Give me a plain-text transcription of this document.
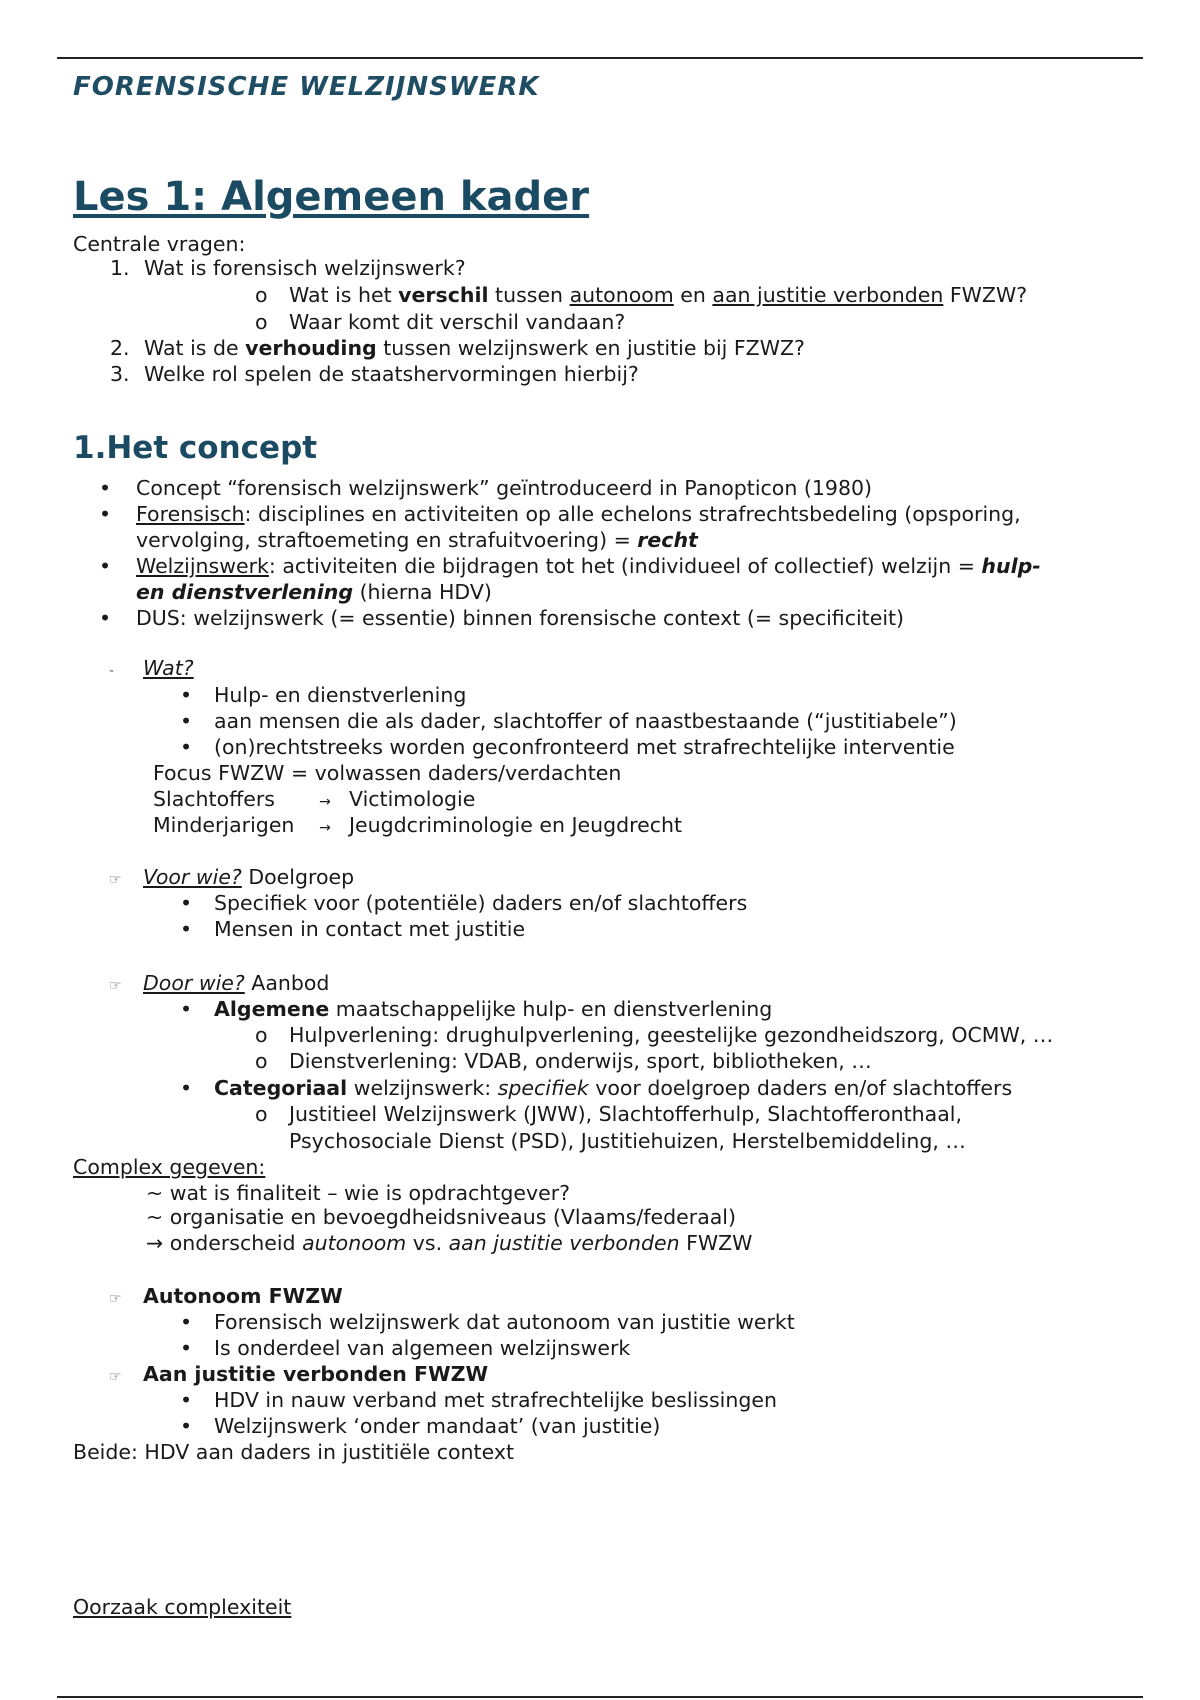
FORENSISCHE WELZIJNSWERK
Les 1: Algemeen kader
Centrale vragen:
1. Wat is forensisch welzijnswerk?
o Wat is het verschil tussen autonoom en aan justitie verbonden FWZW?
o Waar komt dit verschil vandaan?
2. Wat is de verhouding tussen welzijnswerk en justitie bij FZWZ?
3. Welke rol spelen de staatshervormingen hierbij?
1.Het concept
• Concept “forensisch welzijnswerk” geïntroduceerd in Panopticon (1980)
• Forensisch: disciplines en activiteiten op alle echelons strafrechtsbedeling (opsporing,
vervolging, straftoemeting en strafuitvoering) = recht
• Welzijnswerk: activiteiten die bijdragen tot het (individueel of collectief) welzijn = hulp-
en dienstverlening (hierna HDV)
• DUS: welzijnswerk (= essentie) binnen forensische context (= specificiteit)
- Wat?
• Hulp- en dienstverlening
• aan mensen die als dader, slachtoffer of naastbestaande (“justitiabele”)
• (on)rechtstreeks worden geconfronteerd met strafrechtelijke interventie
Focus FWZW = volwassen daders/verdachten
Slachtoffers	→ Victimologie
Minderjarigen → Jeugdcriminologie en Jeugdrecht
☞ Voor wie? Doelgroep
• Specifiek voor (potentiële) daders en/of slachtoffers
• Mensen in contact met justitie
☞ Door wie? Aanbod
• Algemene maatschappelijke hulp- en dienstverlening
o Hulpverlening: drughulpverlening, geestelijke gezondheidszorg, OCMW, …
o Dienstverlening: VDAB, onderwijs, sport, bibliotheken, …
• Categoriaal welzijnswerk: specifiek voor doelgroep daders en/of slachtoffers
o Justitieel Welzijnswerk (JWW), Slachtofferhulp, Slachtofferonthaal,
Psychosociale Dienst (PSD), Justitiehuizen, Herstelbemiddeling, …
Complex gegeven:
~ wat is finaliteit – wie is opdrachtgever?
~ organisatie en bevoegdheidsniveaus (Vlaams/federaal)
→ onderscheid autonoom vs. aan justitie verbonden FWZW
☞ Autonoom FWZW
• Forensisch welzijnswerk dat autonoom van justitie werkt
• Is onderdeel van algemeen welzijnswerk
☞ Aan justitie verbonden FWZW
• HDV in nauw verband met strafrechtelijke beslissingen
• Welzijnswerk ‘onder mandaat’ (van justitie)
Beide: HDV aan daders in justitiële context
Oorzaak complexiteit
